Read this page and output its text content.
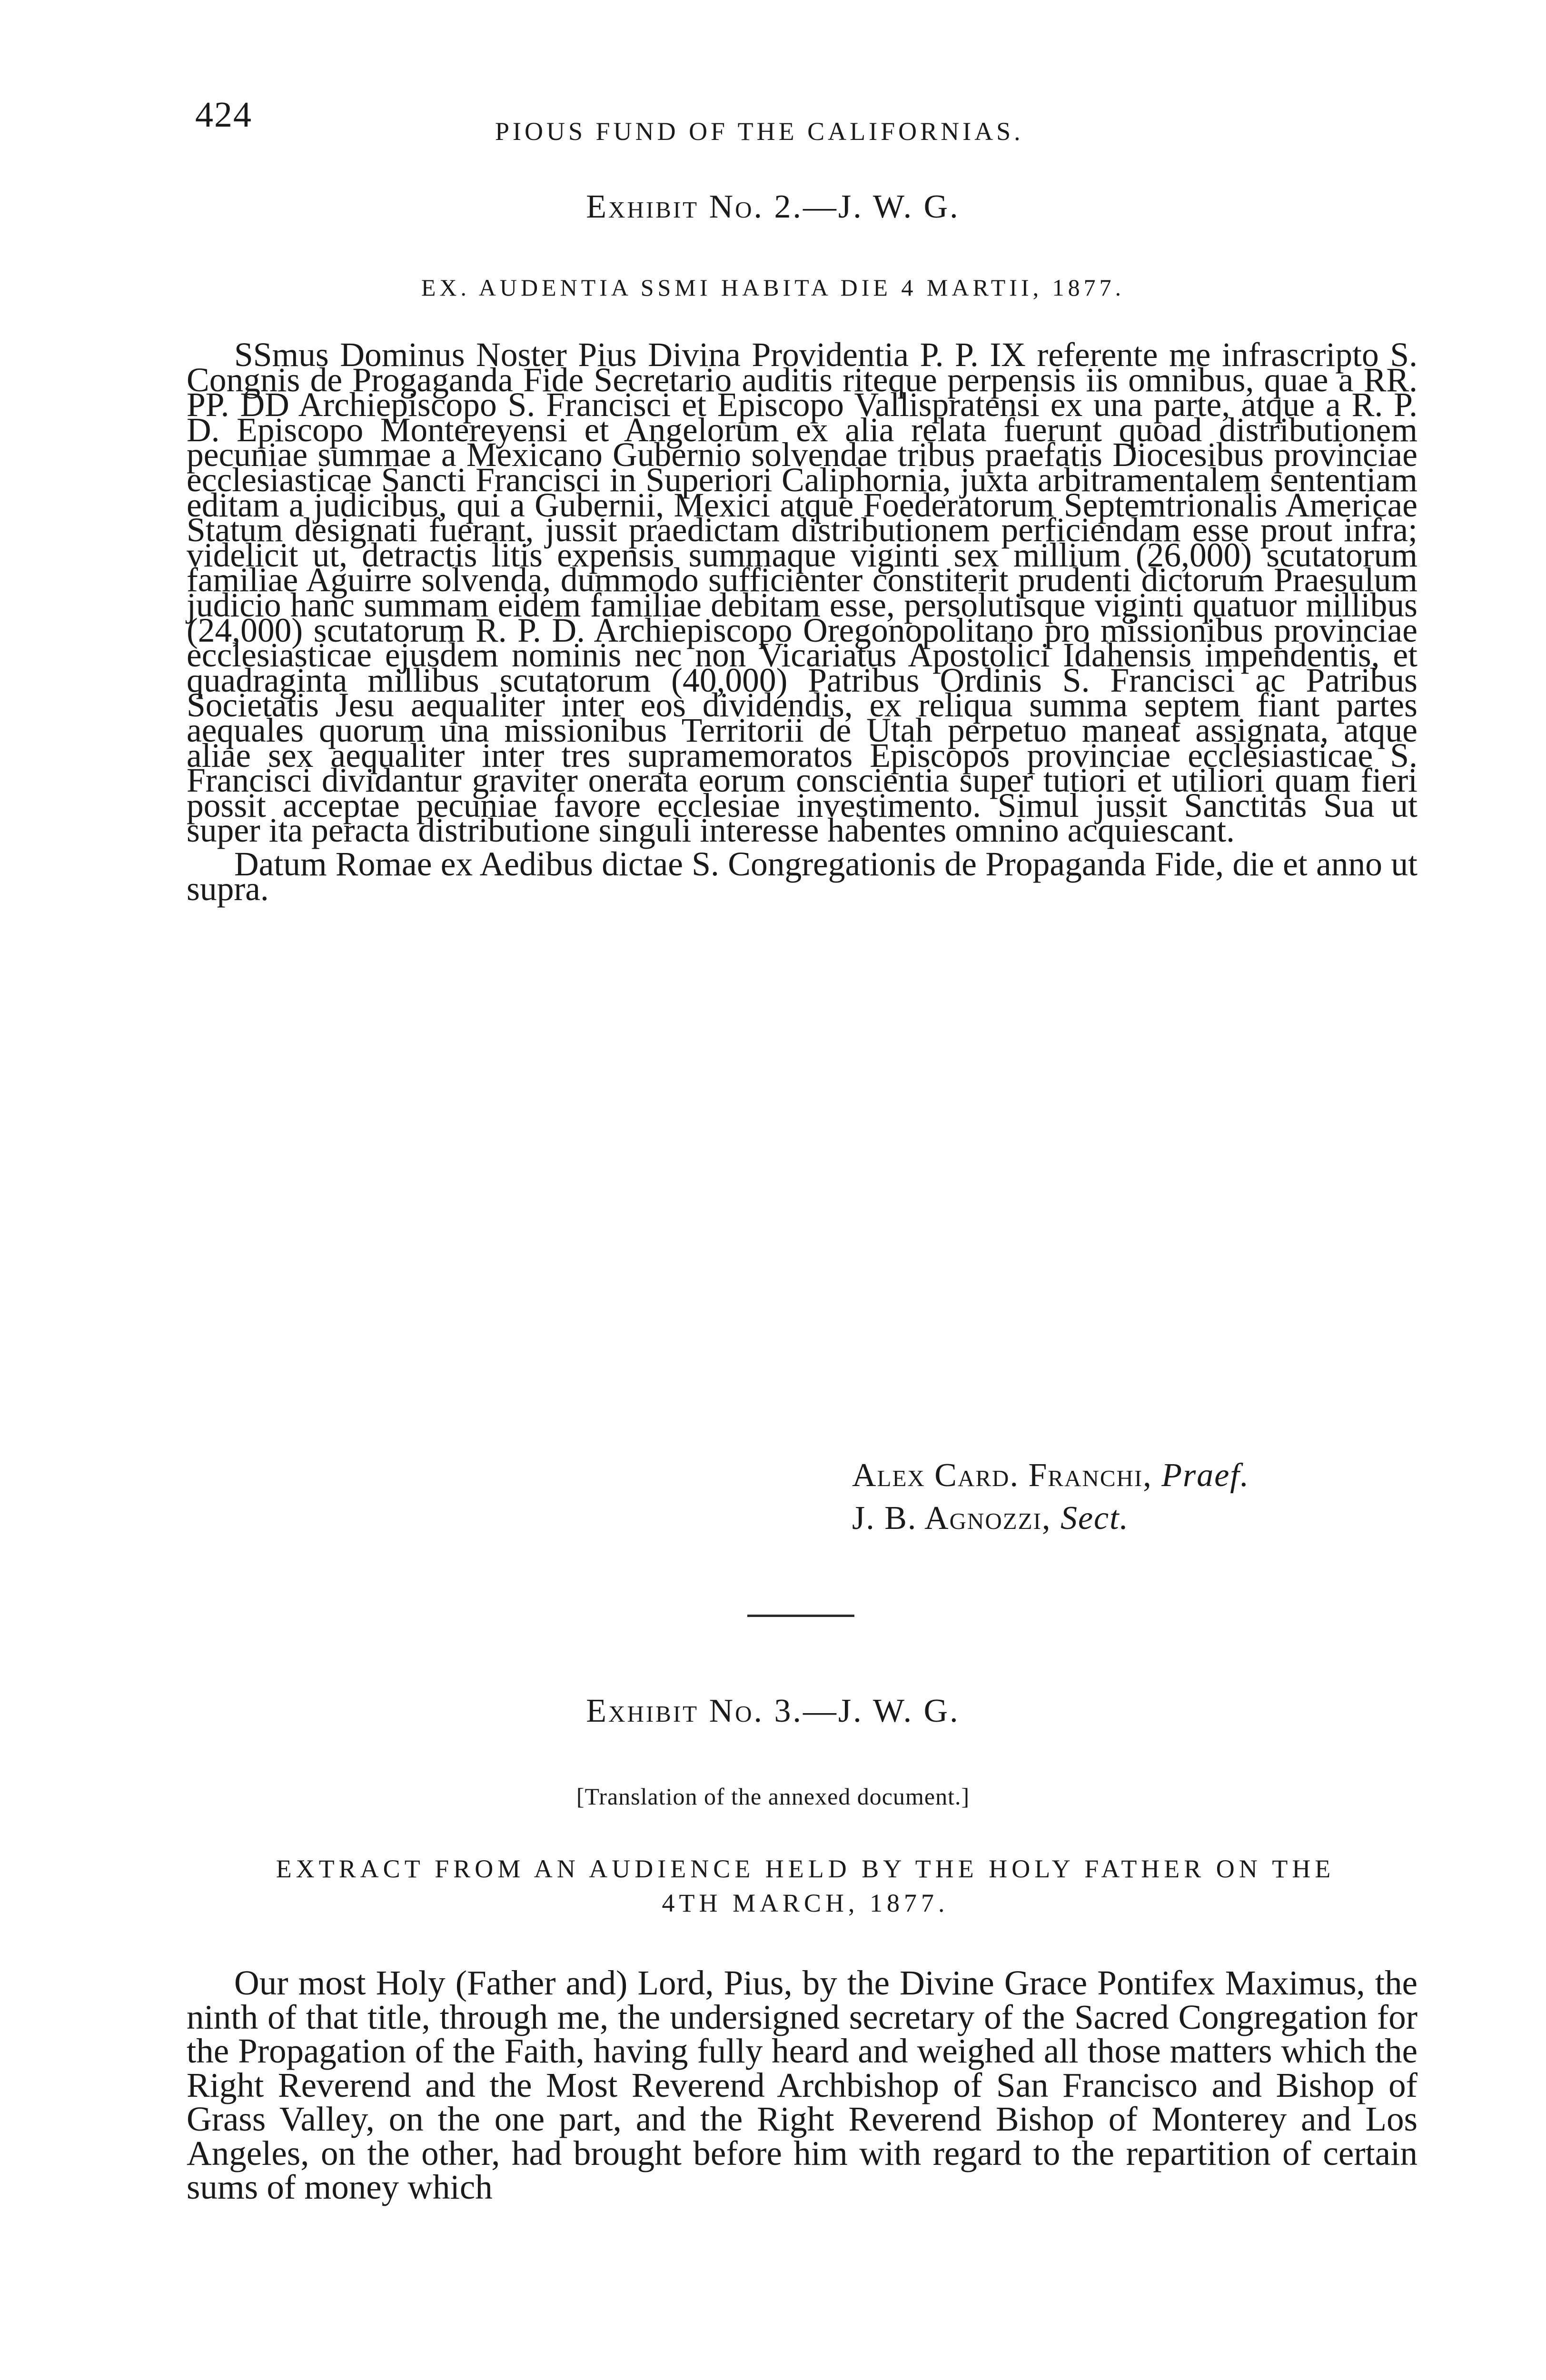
424	PIOUS FUND OF THE CALIFORNIAS.
Exhibit No. 2.—J. W. G.
EX. AUDENTIA SSMI HABITA DIE 4 MARTII, 1877.

SSmus Dominus Noster Pius Divina Providentia P. P. IX referente me infrascripto S. Congnis de Progaganda Fide Secretario auditis riteque perpensis iis omnibus, quae a RR. PP. DD Archiepiscopo S. Francisci et Episcopo Vallispratensi ex una parte, atque a R. P. D. Episcopo Montereyensi et Angelorum ex alia relata fuerunt quoad distributionem pecuniae summae a Mexicano Gubernio solvendae tribus praefatis Diocesibus provinciae ecclesiasticae Sancti Francisci in Superiori Caliphornia, juxta arbitramentalem sententiam editam a judicibus, qui a Gubernii, Mexici atque Foederatorum Septemtrionalis Americae Statum designati fuerant, jussit praedictam distributionem perficiendam esse prout infra; videlicit ut, detractis litis expensis summaque viginti sex millium (26,000) scutatorum familiae Aguirre solvenda, dummodo sufficienter constiterit prudenti dictorum Praesulum judicio hanc summam eidem familiae debitam esse, persolutisque viginti quatuor millibus (24,000) scutatorum R. P. D. Archiepiscopo Oregonopolitano pro missionibus provinciae ecclesiasticae ejusdem nominis nec non Vicariatus Apostolici Idahensis impendentis, et quadraginta millibus scutatorum (40,000) Patribus Ordinis S. Francisci ac Patribus Societatis Jesu aequaliter inter eos dividendis, ex reliqua summa septem fiant partes aequales quorum una missionibus Territorii de Utah perpetuo maneat assignata, atque aliae sex aequaliter inter tres supramemoratos Episcopos provinciae ecclesiasticae S. Francisci dividantur graviter onerata eorum conscientia super tutiori et utiliori quam fieri possit acceptae pecuniae favore ecclesiae investimento. Simul jussit Sanctitas Sua ut super ita peracta distributione singuli interesse habentes omnino acquiescant.

Datum Romae ex Aedibus dictae S. Congregationis de Propaganda Fide, die et anno ut supra.

Alex Card. Franchi, Praef.
J. B. Agnozzi, Sect.
Exhibit No. 3.—J. W. G.
[Translation of the annexed document.]
EXTRACT FROM AN AUDIENCE HELD BY THE HOLY FATHER ON THE
4TH MARCH, 1877.

Our most Holy (Father and) Lord, Pius, by the Divine Grace Pontifex Maximus, the ninth of that title, through me, the undersigned secretary of the Sacred Congregation for the Propagation of the Faith, having fully heard and weighed all those matters which the Right Reverend and the Most Reverend Archbishop of San Francisco and Bishop of Grass Valley, on the one part, and the Right Reverend Bishop of Monterey and Los Angeles, on the other, had brought before him with regard to the repartition of certain sums of money which
